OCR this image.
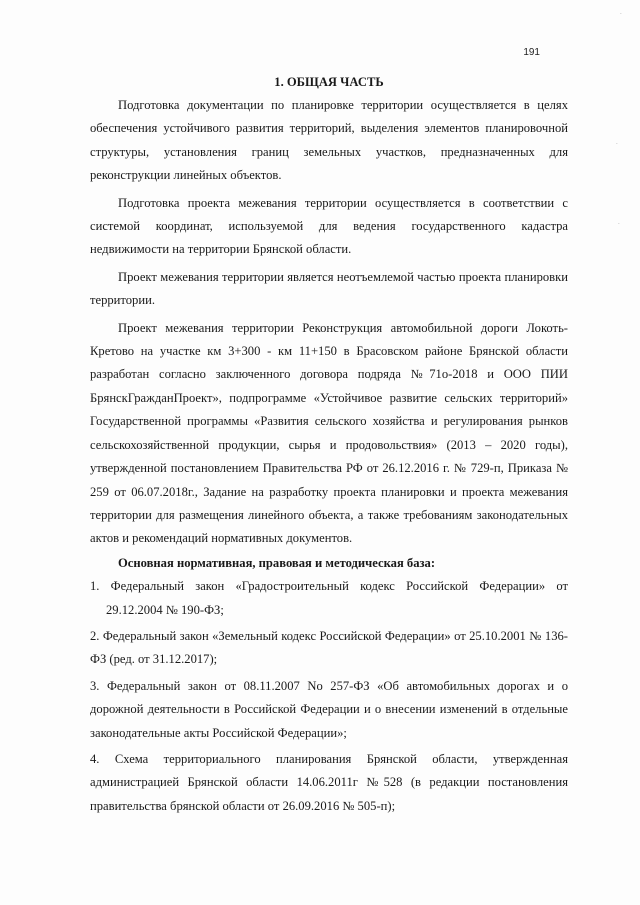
191
1. ОБЩАЯ ЧАСТЬ

Подготовка документации по планировке территории осуществляется в целях обеспечения устойчивого развития территорий, выделения элементов планировочной структуры, установления границ земельных участков, предназначенных для реконструкции линейных объектов.

Подготовка проекта межевания территории осуществляется в соответствии с системой координат, используемой для ведения государственного кадастра недвижимости на территории Брянской области.

Проект межевания территории является неотъемлемой частью проекта планировки территории.

Проект межевания территории Реконструкция автомобильной дороги Локоть-Кретово на участке км 3+300 - км 11+150 в Брасовском районе Брянской области разработан согласно заключенного договора подряда №71о-2018 и ООО ПИИ БрянскГражданПроект», подпрограмме «Устойчивое развитие сельских территорий» Государственной программы «Развития сельского хозяйства и регулирования рынков сельскохозяйственной продукции, сырья и продовольствия» (2013 – 2020 годы), утвержденной постановлением Правительства РФ от 26.12.2016 г. № 729-п, Приказа № 259 от 06.07.2018г., Задание на разработку проекта планировки и проекта межевания территории для размещения линейного объекта, а также требованиям законодательных актов и рекомендаций нормативных документов.

Основная нормативная, правовая и методическая база:
1. Федеральный закон «Градостроительный кодекс Российской Федерации» от 29.12.2004 № 190-ФЗ;
2. Федеральный закон «Земельный кодекс Российской Федерации» от 25.10.2001 № 136-ФЗ (ред. от 31.12.2017);
3. Федеральный закон от 08.11.2007 No 257-ФЗ «Об автомобильных дорогах и о дорожной деятельности в Российской Федерации и о внесении изменений в отдельные законодательные акты Российской Федерации»;
4. Схема территориального планирования Брянской области, утвержденная администрацией Брянской области 14.06.2011г №528 (в редакции постановления правительства брянской области от 26.09.2016 № 505-п);
·
·
·
